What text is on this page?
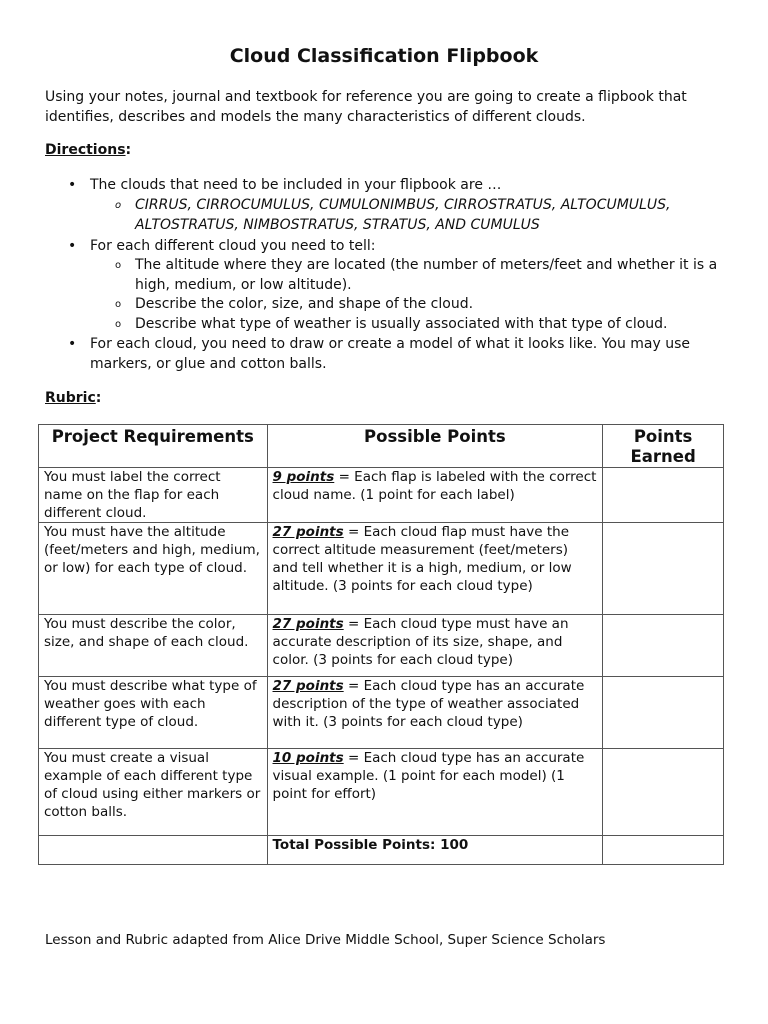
Cloud Classification Flipbook
Using your notes, journal and textbook for reference you are going to create a flipbook that identifies, describes and models the many characteristics of different clouds.
Directions:
• The clouds that need to be included in your flipbook are …
o CIRRUS, CIRROCUMULUS, CUMULONIMBUS, CIRROSTRATUS, ALTOCUMULUS, ALTOSTRATUS, NIMBOSTRATUS, STRATUS, AND CUMULUS
• For each different cloud you need to tell:
o The altitude where they are located (the number of meters/feet and whether it is a high, medium, or low altitude).
o Describe the color, size, and shape of the cloud.
o Describe what type of weather is usually associated with that type of cloud.
• For each cloud, you need to draw or create a model of what it looks like. You may use markers, or glue and cotton balls.
Rubric:
Project Requirements	Possible Points	Points Earned
You must label the correct name on the flap for each different cloud.	9 points = Each flap is labeled with the correct cloud name. (1 point for each label)	
You must have the altitude (feet/meters and high, medium, or low) for each type of cloud.	27 points = Each cloud flap must have the correct altitude measurement (feet/meters) and tell whether it is a high, medium, or low altitude. (3 points for each cloud type)	
You must describe the color, size, and shape of each cloud.	27 points = Each cloud type must have an accurate description of its size, shape, and color. (3 points for each cloud type)	
You must describe what type of weather goes with each different type of cloud.	27 points = Each cloud type has an accurate description of the type of weather associated with it. (3 points for each cloud type)	
You must create a visual example of each different type of cloud using either markers or cotton balls.	10 points = Each cloud type has an accurate visual example. (1 point for each model) (1 point for effort)	
	Total Possible Points: 100	
Lesson and Rubric adapted from Alice Drive Middle School, Super Science Scholars
